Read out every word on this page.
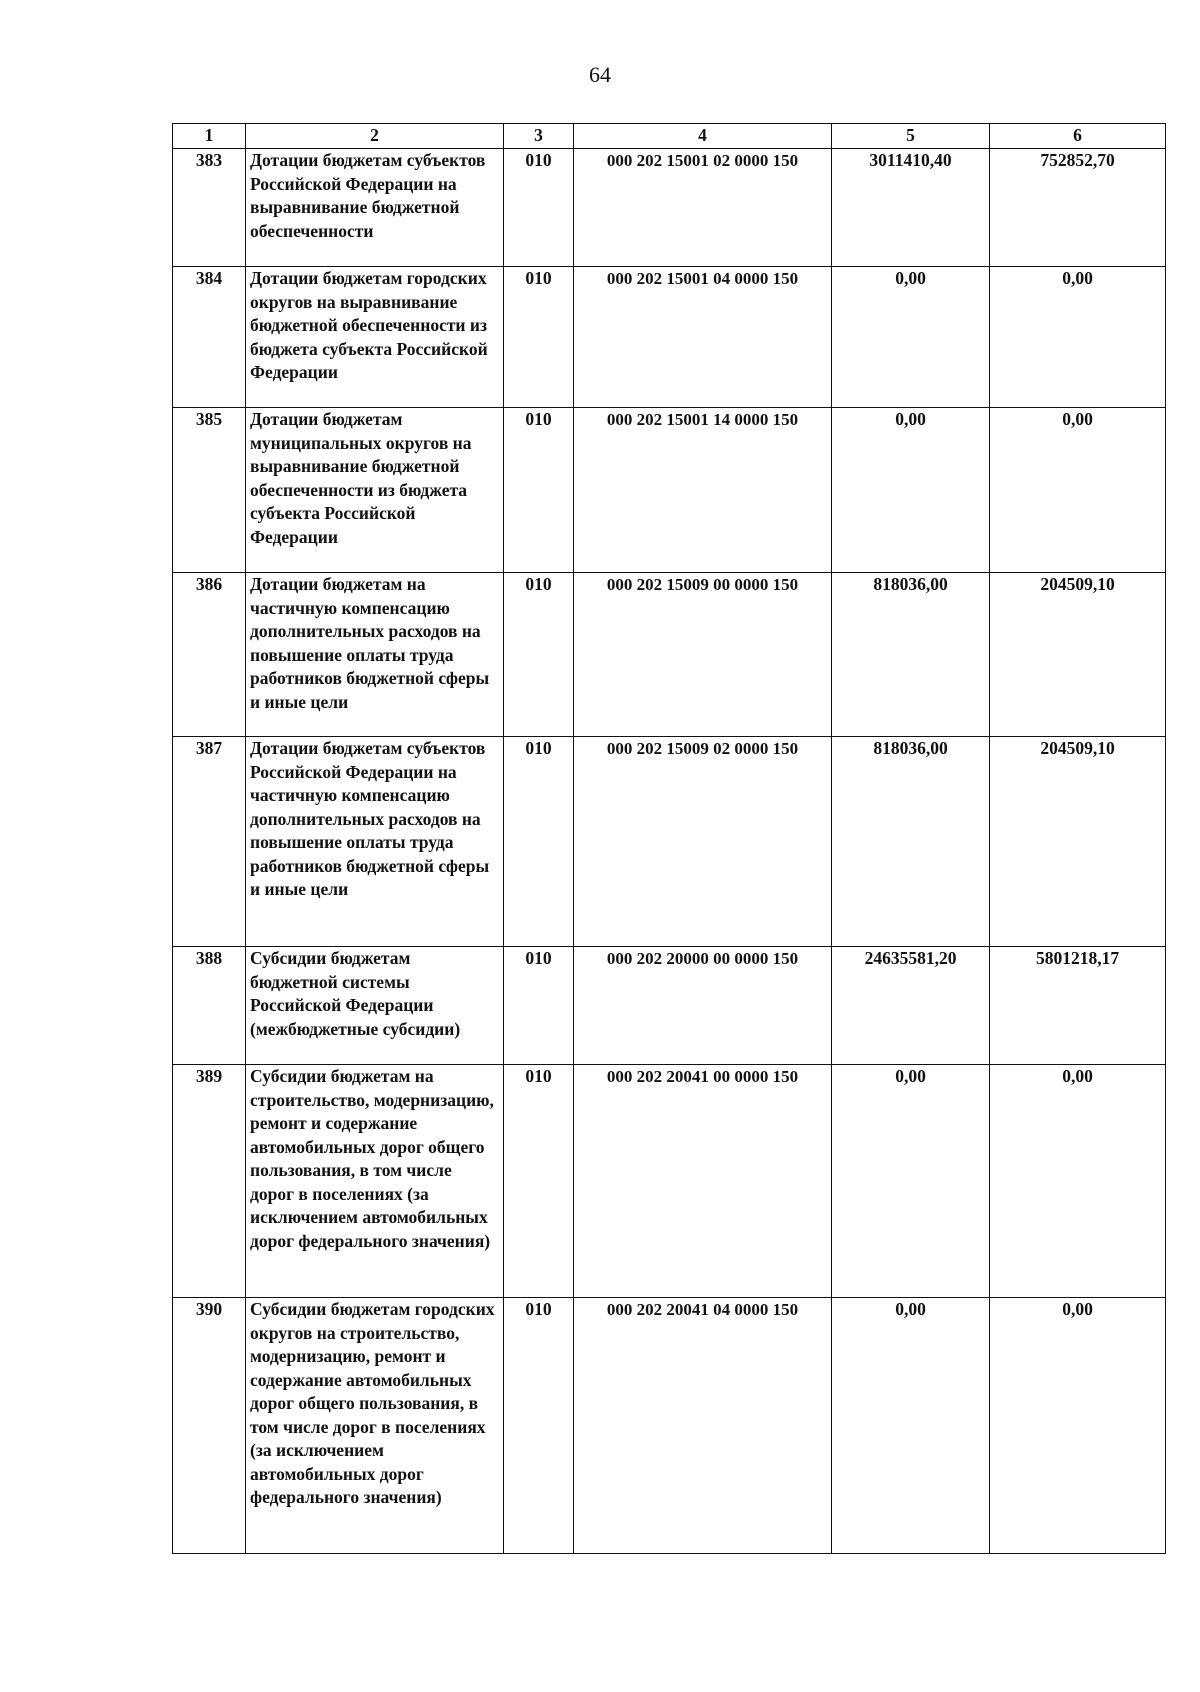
64
1	2	3	4	5	6
383	Дотации бюджетам субъектов Российской Федерации на выравнивание бюджетной обеспеченности	010	000 202 15001 02 0000 150	3011410,40	752852,70
384	Дотации бюджетам городских округов на выравнивание бюджетной обеспеченности из бюджета субъекта Российской Федерации	010	000 202 15001 04 0000 150	0,00	0,00
385	Дотации бюджетам муниципальных округов на выравнивание бюджетной обеспеченности из бюджета субъекта Российской Федерации	010	000 202 15001 14 0000 150	0,00	0,00
386	Дотации бюджетам на частичную компенсацию дополнительных расходов на повышение оплаты труда работников бюджетной сферы и иные цели	010	000 202 15009 00 0000 150	818036,00	204509,10
387	Дотации бюджетам субъектов Российской Федерации на частичную компенсацию дополнительных расходов на повышение оплаты труда работников бюджетной сферы и иные цели	010	000 202 15009 02 0000 150	818036,00	204509,10
388	Субсидии бюджетам бюджетной системы Российской Федерации (межбюджетные субсидии)	010	000 202 20000 00 0000 150	24635581,20	5801218,17
389	Субсидии бюджетам на строительство, модернизацию, ремонт и содержание автомобильных дорог общего пользования, в том числе дорог в поселениях (за исключением автомобильных дорог федерального значения)	010	000 202 20041 00 0000 150	0,00	0,00
390	Субсидии бюджетам городских округов на строительство, модернизацию, ремонт и содержание автомобильных дорог общего пользования, в том числе дорог в поселениях (за исключением автомобильных дорог федерального значения)	010	000 202 20041 04 0000 150	0,00	0,00
